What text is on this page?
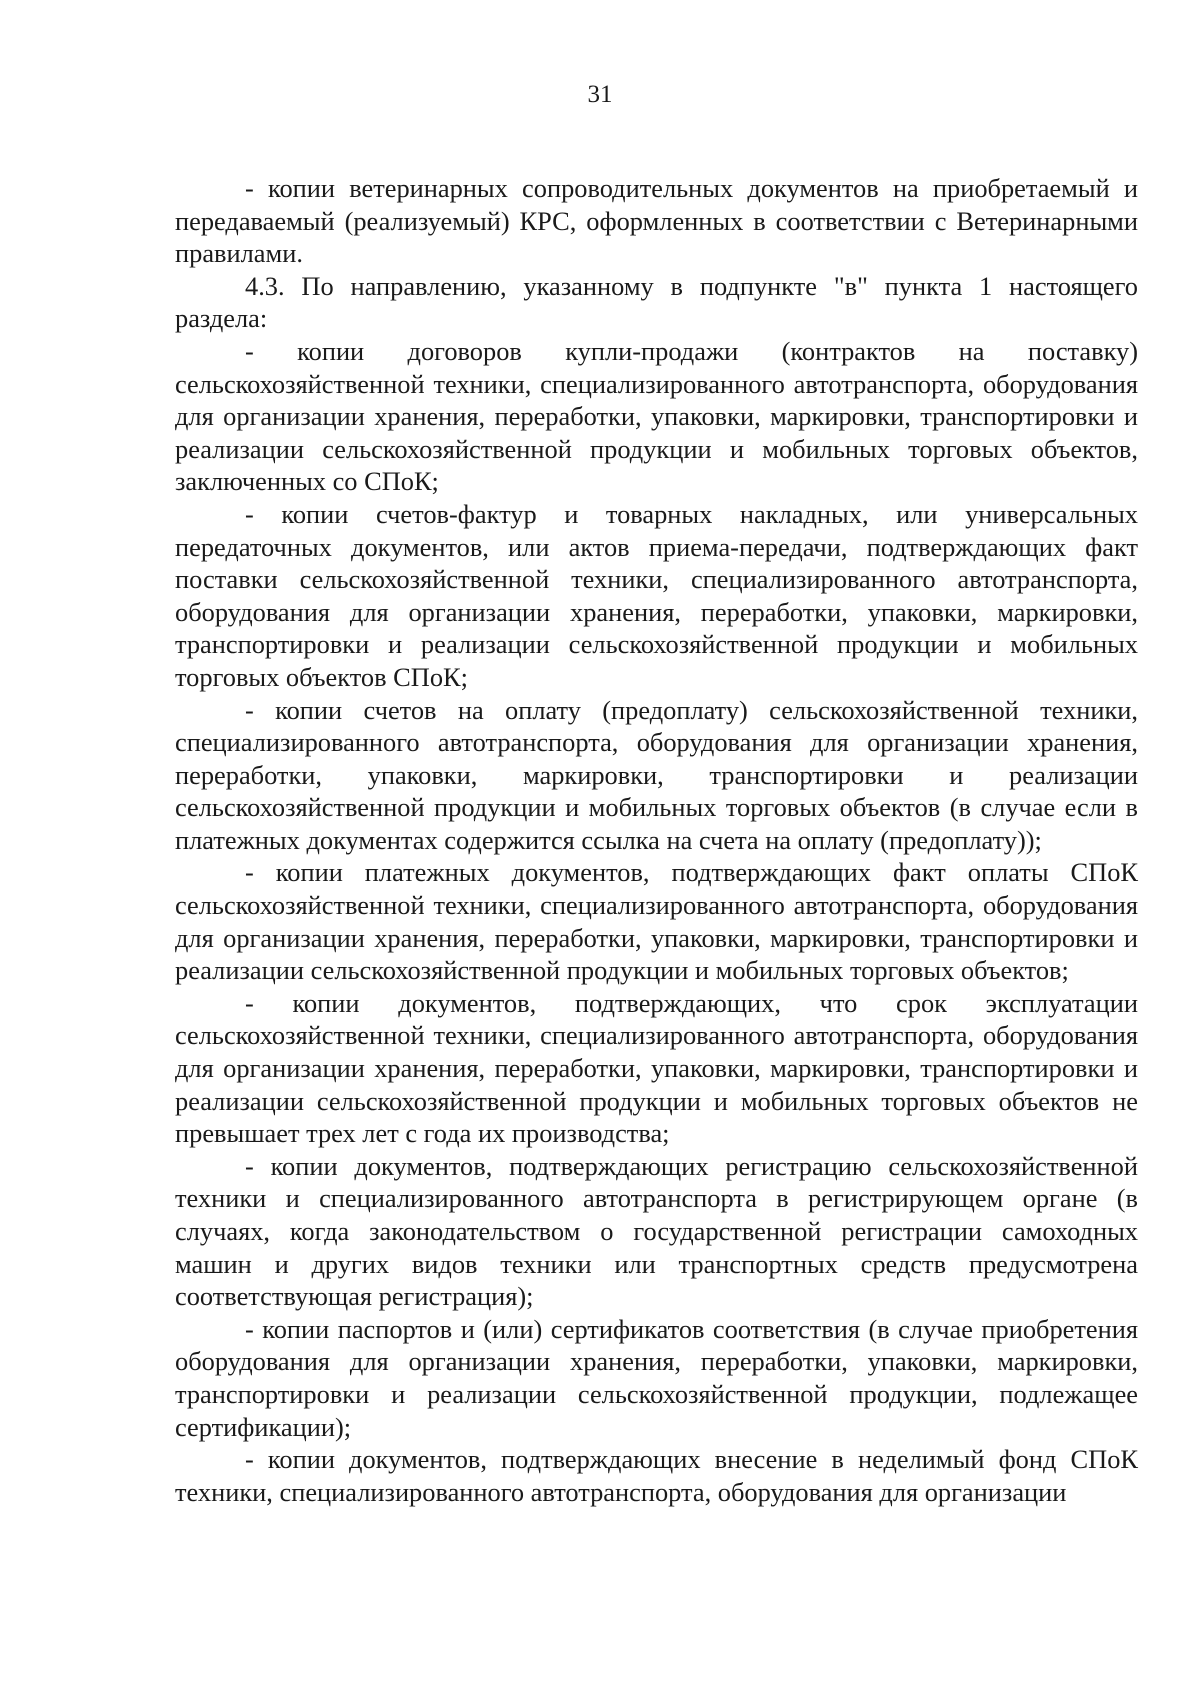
31

- копии ветеринарных сопроводительных документов на приобретаемый и передаваемый (реализуемый) КРС, оформленных в соответствии с Ветеринарными правилами.

4.3. По направлению, указанному в подпункте "в" пункта 1 настоящего раздела:

- копии договоров купли-продажи (контрактов на поставку) сельскохозяйственной техники, специализированного автотранспорта, оборудования для организации хранения, переработки, упаковки, маркировки, транспортировки и реализации сельскохозяйственной продукции и мобильных торговых объектов, заключенных со СПоК;

- копии счетов-фактур и товарных накладных, или универсальных передаточных документов, или актов приема-передачи, подтверждающих факт поставки сельскохозяйственной техники, специализированного автотранспорта, оборудования для организации хранения, переработки, упаковки, маркировки, транспортировки и реализации сельскохозяйственной продукции и мобильных торговых объектов СПоК;

- копии счетов на оплату (предоплату) сельскохозяйственной техники, специализированного автотранспорта, оборудования для организации хранения, переработки, упаковки, маркировки, транспортировки и реализации сельскохозяйственной продукции и мобильных торговых объектов (в случае если в платежных документах содержится ссылка на счета на оплату (предоплату));

- копии платежных документов, подтверждающих факт оплаты СПоК сельскохозяйственной техники, специализированного автотранспорта, оборудования для организации хранения, переработки, упаковки, маркировки, транспортировки и реализации сельскохозяйственной продукции и мобильных торговых объектов;

- копии документов, подтверждающих, что срок эксплуатации сельскохозяйственной техники, специализированного автотранспорта, оборудования для организации хранения, переработки, упаковки, маркировки, транспортировки и реализации сельскохозяйственной продукции и мобильных торговых объектов не превышает трех лет с года их производства;

- копии документов, подтверждающих регистрацию сельскохозяйственной техники и специализированного автотранспорта в регистрирующем органе (в случаях, когда законодательством о государственной регистрации самоходных машин и других видов техники или транспортных средств предусмотрена соответствующая регистрация);

- копии паспортов и (или) сертификатов соответствия (в случае приобретения оборудования для организации хранения, переработки, упаковки, маркировки, транспортировки и реализации сельскохозяйственной продукции, подлежащее сертификации);

- копии документов, подтверждающих внесение в неделимый фонд СПоК техники, специализированного автотранспорта, оборудования для организации
